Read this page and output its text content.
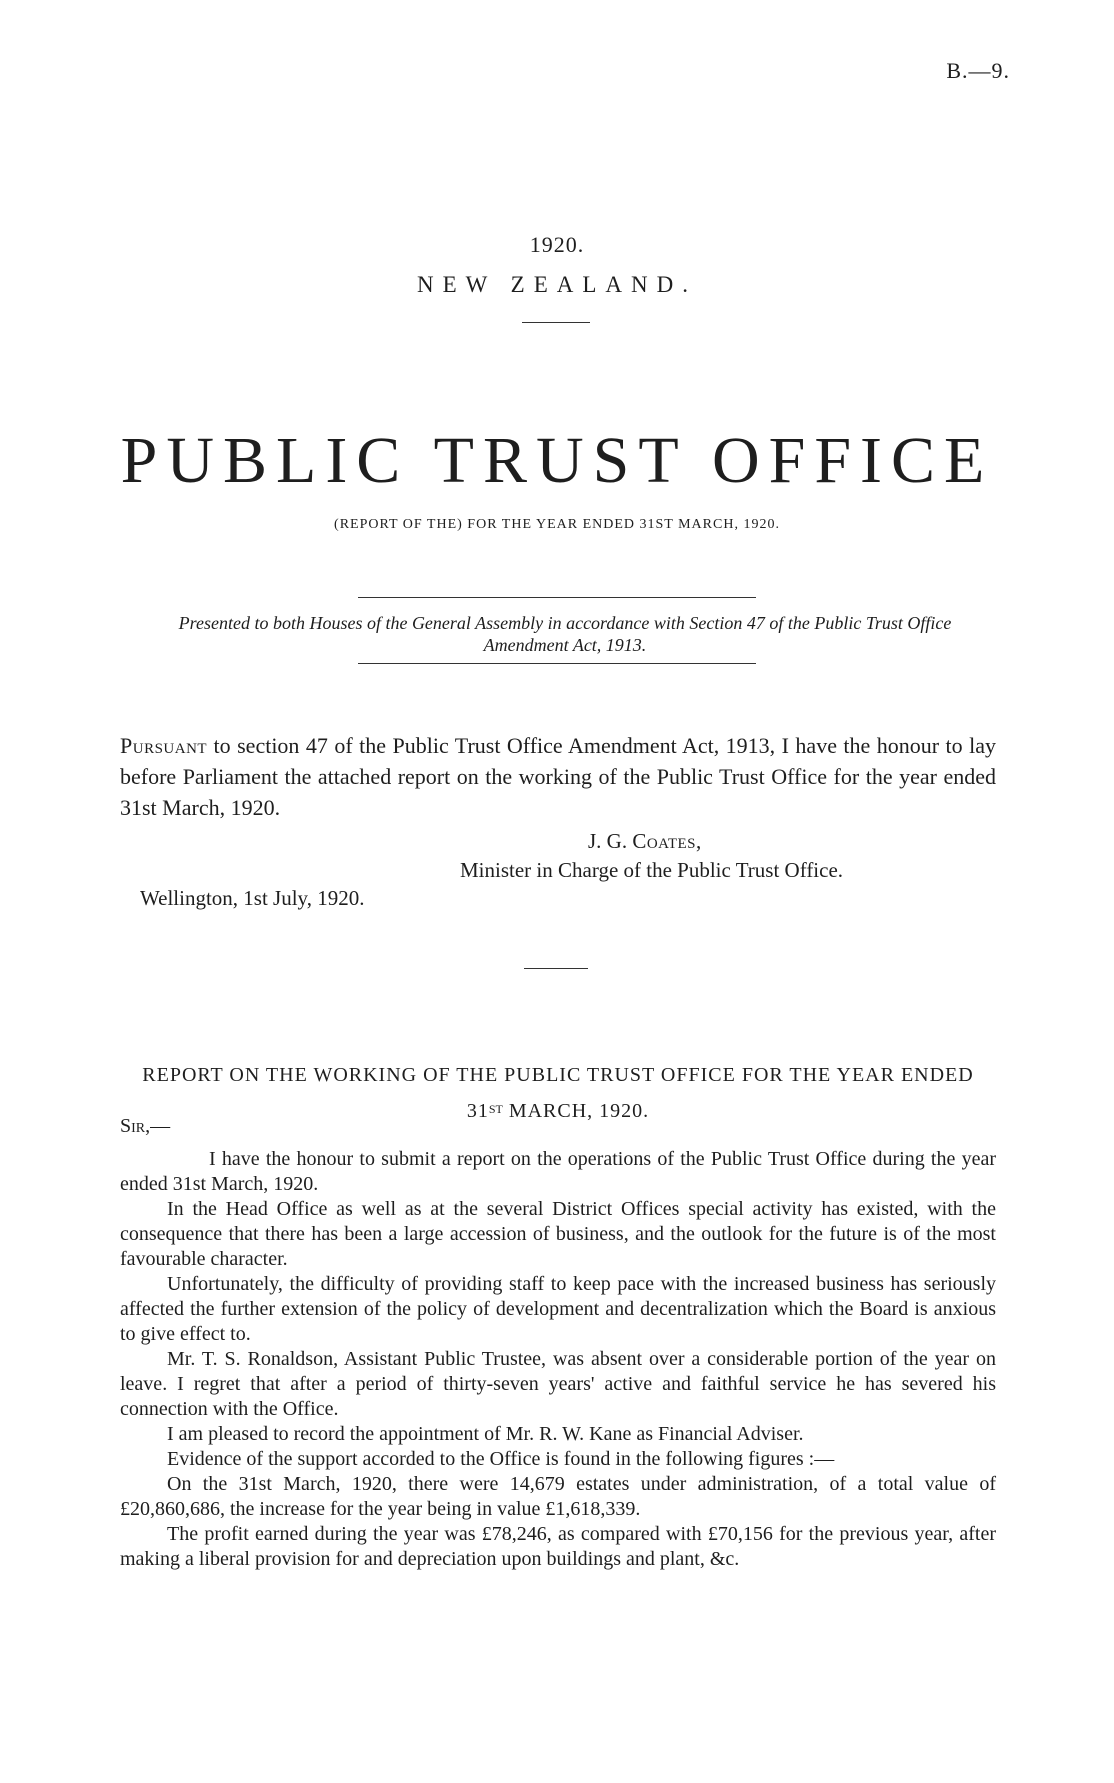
B.—9.
1920.
NEW ZEALAND.
PUBLIC TRUST OFFICE
(REPORT OF THE) FOR THE YEAR ENDED 31ST MARCH, 1920.
Presented to both Houses of the General Assembly in accordance with Section 47 of the Public Trust Office Amendment Act, 1913.
Pursuant to section 47 of the Public Trust Office Amendment Act, 1913, I have the honour to lay before Parliament the attached report on the working of the Public Trust Office for the year ended 31st March, 1920.
J. G. Coates,
Minister in Charge of the Public Trust Office.
Wellington, 1st July, 1920.
REPORT ON THE WORKING OF THE PUBLIC TRUST OFFICE FOR THE YEAR ENDED
31ST MARCH, 1920.
Sir,—

I have the honour to submit a report on the operations of the Public Trust Office during the year ended 31st March, 1920.

In the Head Office as well as at the several District Offices special activity has existed, with the consequence that there has been a large accession of business, and the outlook for the future is of the most favourable character.

Unfortunately, the difficulty of providing staff to keep pace with the increased business has seriously affected the further extension of the policy of development and decentralization which the Board is anxious to give effect to.

Mr. T. S. Ronaldson, Assistant Public Trustee, was absent over a considerable portion of the year on leave. I regret that after a period of thirty-seven years' active and faithful service he has severed his connection with the Office.

I am pleased to record the appointment of Mr. R. W. Kane as Financial Adviser.

Evidence of the support accorded to the Office is found in the following figures :—

On the 31st March, 1920, there were 14,679 estates under administration, of a total value of £20,860,686, the increase for the year being in value £1,618,339.

The profit earned during the year was £78,246, as compared with £70,156 for the previous year, after making a liberal provision for and depreciation upon buildings and plant, &c.
